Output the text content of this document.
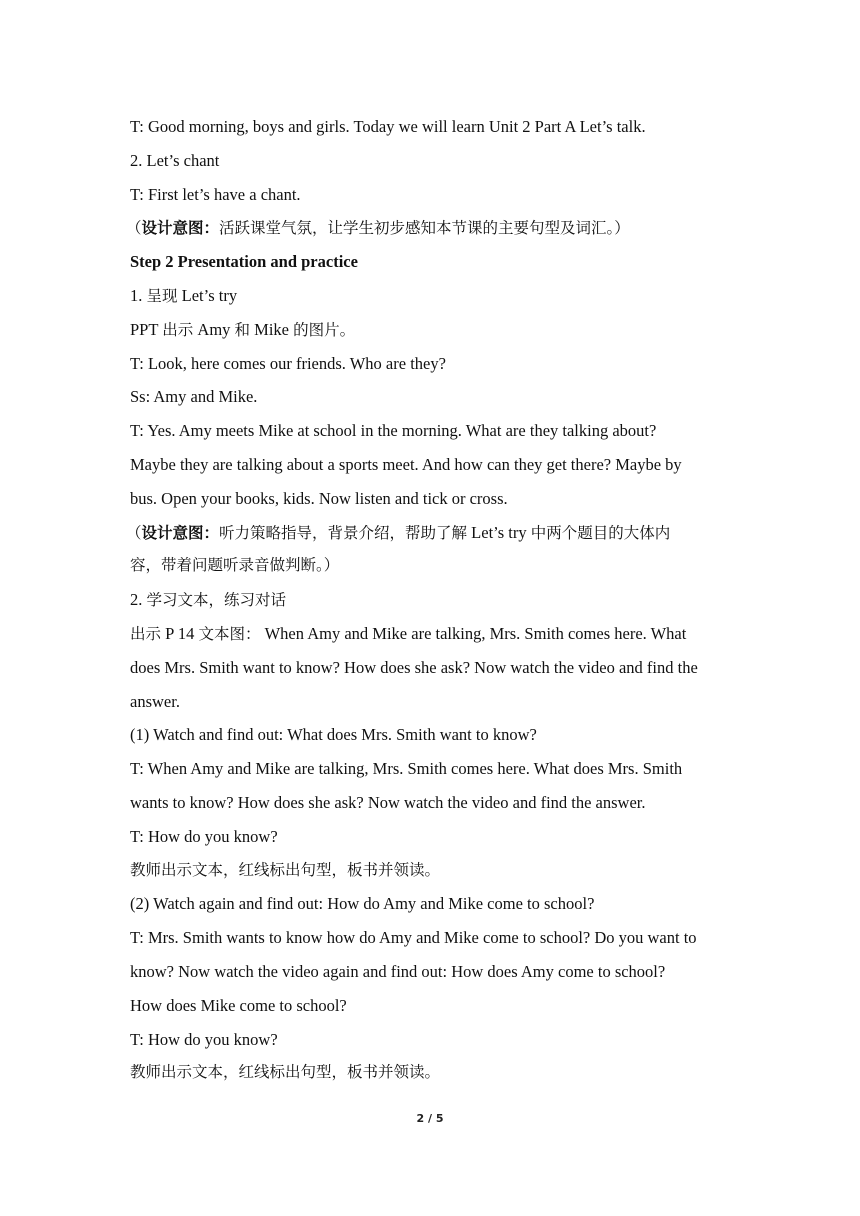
T: Good morning, boys and girls. Today we will learn Unit 2 Part A Let’s talk.
2. Let’s chant
T: First let’s have a chant.
（设计意图：活跃课堂气氛，让学生初步感知本节课的主要句型及词汇。）
Step 2 Presentation and practice
1. 呈现 Let’s try
PPT 出示 Amy 和 Mike 的图片。
T: Look, here comes our friends. Who are they?
Ss: Amy and Mike.
T: Yes. Amy meets Mike at school in the morning. What are they talking about?
Maybe they are talking about a sports meet. And how can they get there? Maybe by
bus. Open your books, kids. Now listen and tick or cross.
（设计意图：听力策略指导，背景介绍，帮助了解 Let’s try 中两个题目的大体内
容，带着问题听录音做判断。）
2. 学习文本，练习对话
出示 P 14 文本图： When Amy and Mike are talking, Mrs. Smith comes here. What
does Mrs. Smith want to know? How does she ask? Now watch the video and find the
answer.
(1) Watch and find out: What does Mrs. Smith want to know?
T: When Amy and Mike are talking, Mrs. Smith comes here. What does Mrs. Smith
wants to know? How does she ask? Now watch the video and find the answer.
T: How do you know?
教师出示文本，红线标出句型，板书并领读。
(2) Watch again and find out: How do Amy and Mike come to school?
T: Mrs. Smith wants to know how do Amy and Mike come to school? Do you want to
know? Now watch the video again and find out: How does Amy come to school?
How does Mike come to school?
T: How do you know?
教师出示文本，红线标出句型，板书并领读。
2 / 5
